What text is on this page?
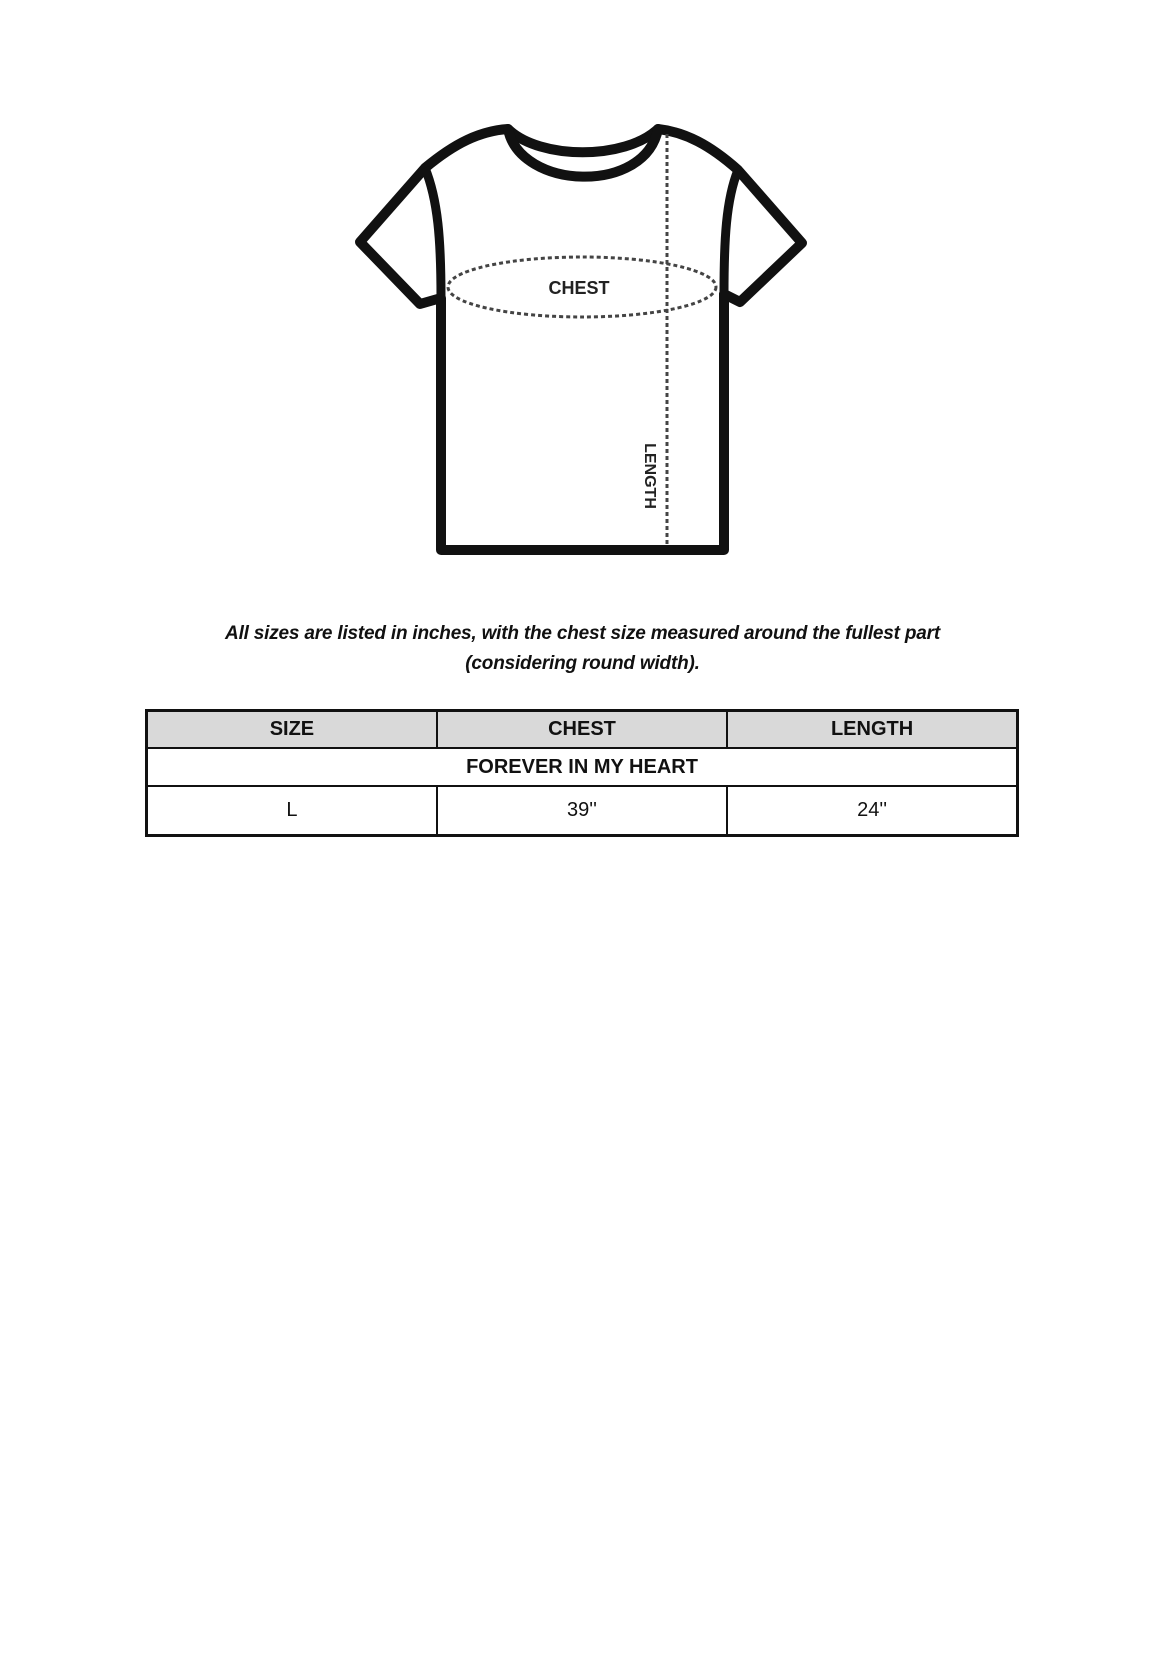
CHEST
LENGTH
All sizes are listed in inches, with the chest size measured around the fullest part
(considering round width).
SIZE	CHEST	LENGTH
FOREVER IN MY HEART		
L	39''	24''
